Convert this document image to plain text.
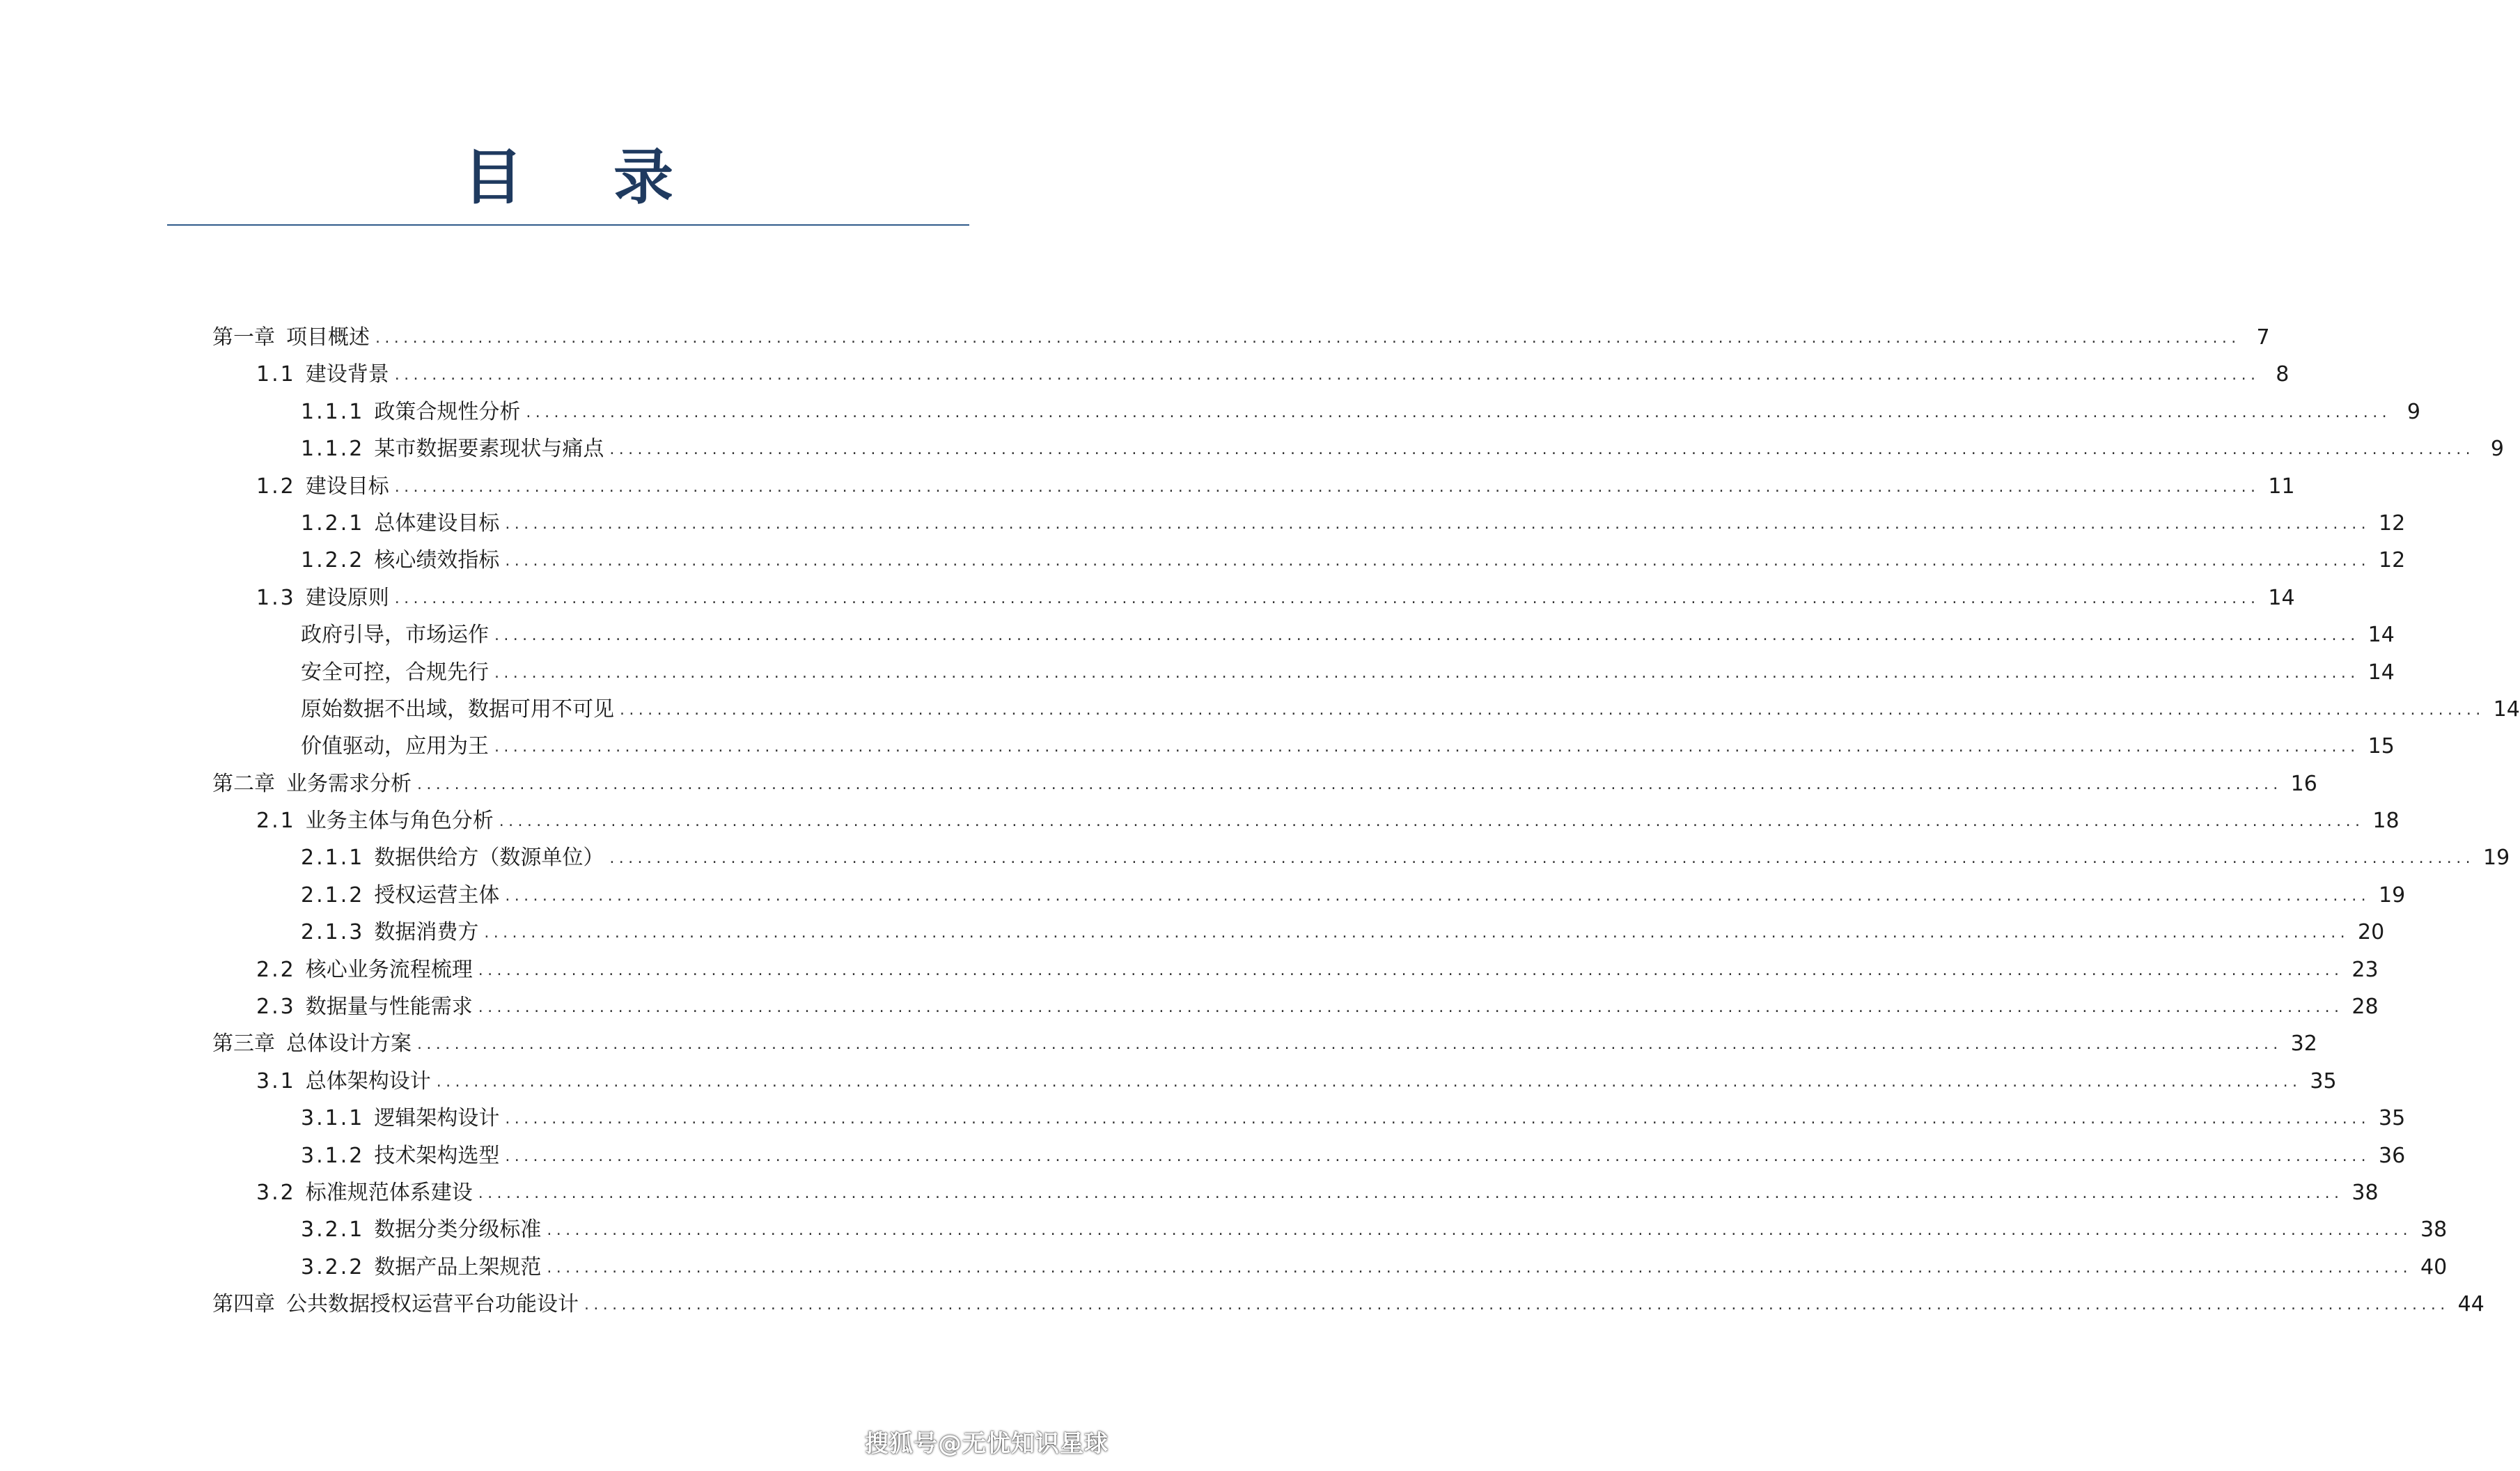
目 录
第一章 项目概述 ........................................................................................................................................................................................................ 7
1.1 建设背景 ........................................................................................................................................................................................................ 8
1.1.1 政策合规性分析 ........................................................................................................................................................................................................ 9
1.1.2 某市数据要素现状与痛点 ........................................................................................................................................................................................................ 9
1.2 建设目标 ........................................................................................................................................................................................................ 11
1.2.1 总体建设目标 ........................................................................................................................................................................................................ 12
1.2.2 核心绩效指标 ........................................................................................................................................................................................................ 12
1.3 建设原则 ........................................................................................................................................................................................................ 14
政府引导，市场运作 ........................................................................................................................................................................................................ 14
安全可控，合规先行 ........................................................................................................................................................................................................ 14
原始数据不出域，数据可用不可见 ........................................................................................................................................................................................................ 14
价值驱动，应用为王 ........................................................................................................................................................................................................ 15
第二章 业务需求分析 ........................................................................................................................................................................................................ 16
2.1 业务主体与角色分析 ........................................................................................................................................................................................................ 18
2.1.1 数据供给方（数源单位） ........................................................................................................................................................................................................ 19
2.1.2 授权运营主体 ........................................................................................................................................................................................................ 19
2.1.3 数据消费方 ........................................................................................................................................................................................................ 20
2.2 核心业务流程梳理 ........................................................................................................................................................................................................ 23
2.3 数据量与性能需求 ........................................................................................................................................................................................................ 28
第三章 总体设计方案 ........................................................................................................................................................................................................ 32
3.1 总体架构设计 ........................................................................................................................................................................................................ 35
3.1.1 逻辑架构设计 ........................................................................................................................................................................................................ 35
3.1.2 技术架构选型 ........................................................................................................................................................................................................ 36
3.2 标准规范体系建设 ........................................................................................................................................................................................................ 38
3.2.1 数据分类分级标准 ........................................................................................................................................................................................................ 38
3.2.2 数据产品上架规范 ........................................................................................................................................................................................................ 40
第四章 公共数据授权运营平台功能设计 ........................................................................................................................................................................................................ 44
搜狐号@无忧知识星球
